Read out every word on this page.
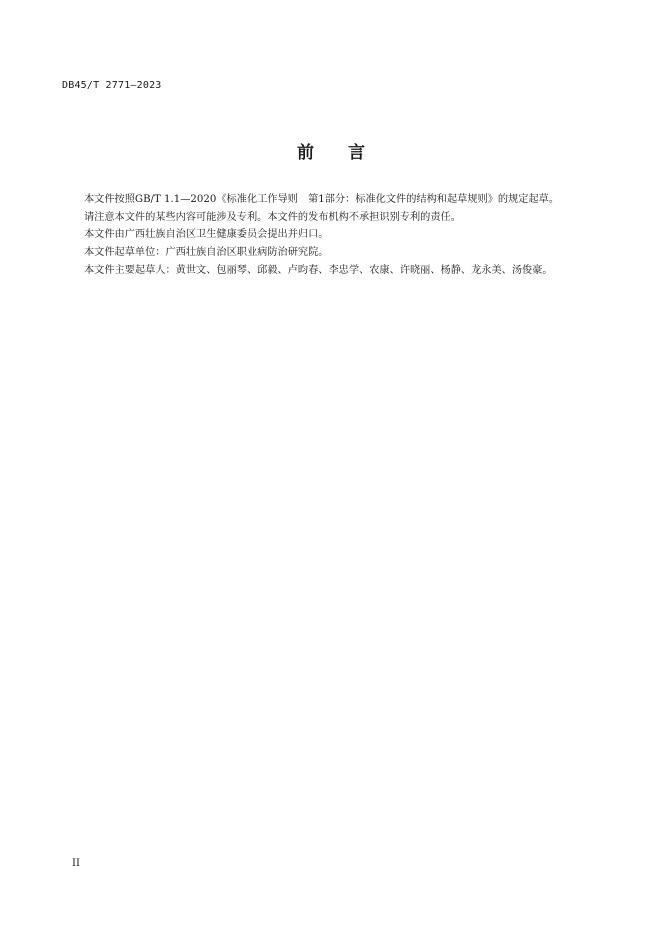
DB45/T 2771—2023
前 言

本文件按照GB/T 1.1—2020《标准化工作导则　第1部分：标准化文件的结构和起草规则》的规定起草。

请注意本文件的某些内容可能涉及专利。本文件的发布机构不承担识别专利的责任。

本文件由广西壮族自治区卫生健康委员会提出并归口。

本文件起草单位：广西壮族自治区职业病防治研究院。

本文件主要起草人：黄世文、包丽琴、邱毅、卢昀春、李忠学、农康、许晓丽、杨静、龙永美、汤俊豪。

II
